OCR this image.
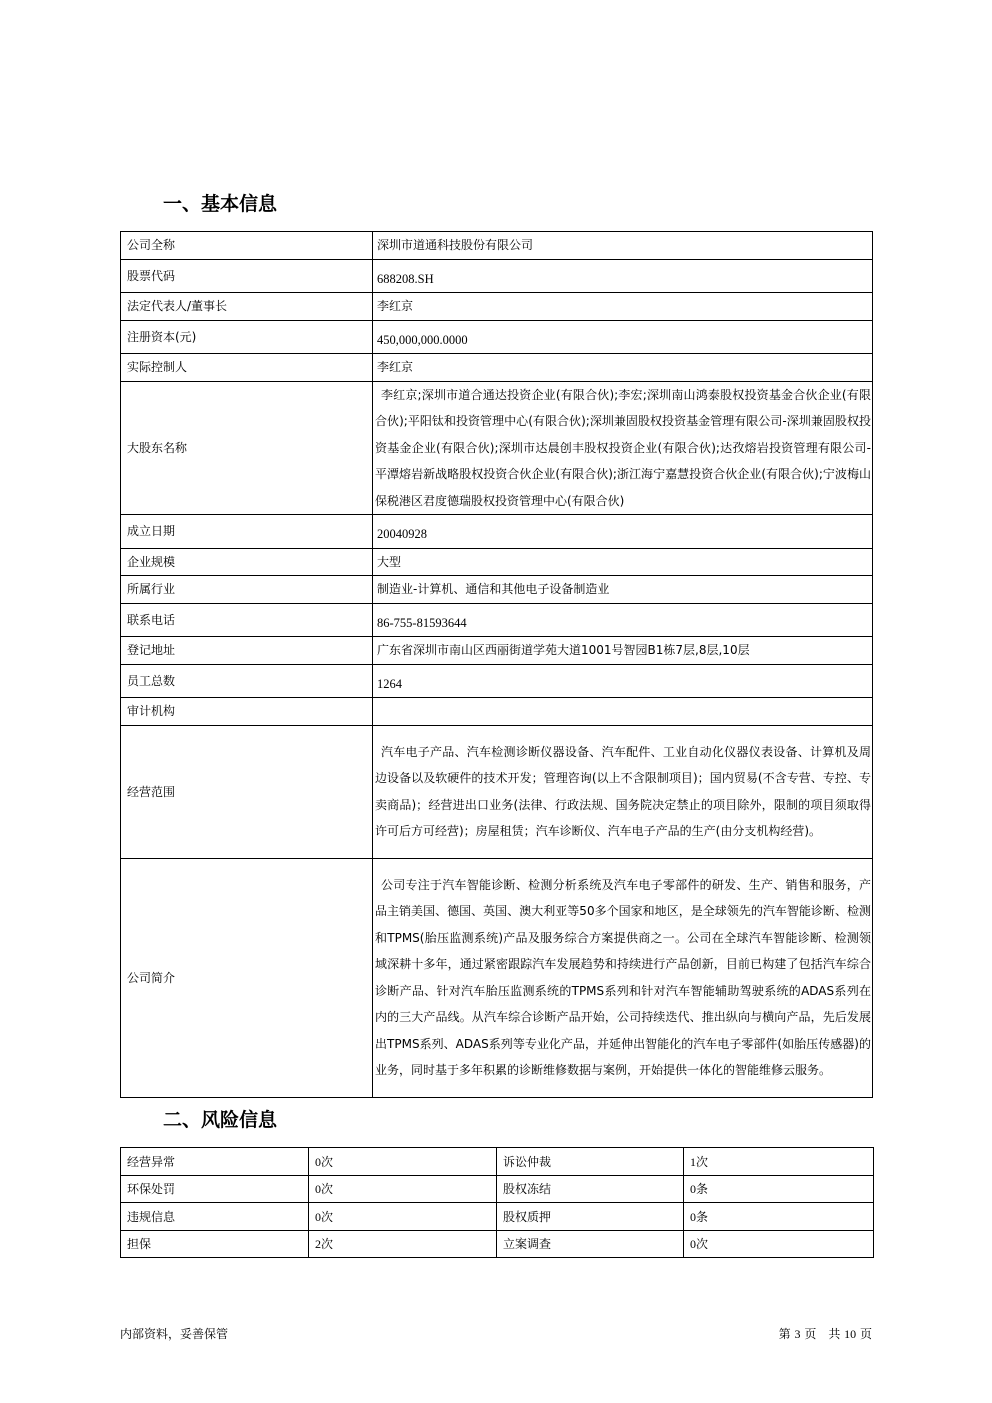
一、基本信息
公司全称	深圳市道通科技股份有限公司
股票代码	688208.SH
法定代表人/董事长	李红京
注册资本(元)	450,000,000.0000
实际控制人	李红京
大股东名称	李红京;深圳市道合通达投资企业(有限合伙);李宏;深圳南山鸿泰股权投资基金合伙企业(有限合伙);平阳钛和投资管理中心(有限合伙);深圳兼固股权投资基金管理有限公司-深圳兼固股权投资基金企业(有限合伙);深圳市达晨创丰股权投资企业(有限合伙);达孜熔岩投资管理有限公司-平潭熔岩新战略股权投资合伙企业(有限合伙);浙江海宁嘉慧投资合伙企业(有限合伙);宁波梅山保税港区君度德瑞股权投资管理中心(有限合伙)
成立日期	20040928
企业规模	大型
所属行业	制造业-计算机、通信和其他电子设备制造业
联系电话	86-755-81593644
登记地址	广东省深圳市南山区西丽街道学苑大道1001号智园B1栋7层,8层,10层
员工总数	1264
审计机构	
经营范围	汽车电子产品、汽车检测诊断仪器设备、汽车配件、工业自动化仪器仪表设备、计算机及周边设备以及软硬件的技术开发；管理咨询(以上不含限制项目)；国内贸易(不含专营、专控、专卖商品)；经营进出口业务(法律、行政法规、国务院决定禁止的项目除外，限制的项目须取得许可后方可经营)；房屋租赁；汽车诊断仪、汽车电子产品的生产(由分支机构经营)。
公司简介	公司专注于汽车智能诊断、检测分析系统及汽车电子零部件的研发、生产、销售和服务，产品主销美国、德国、英国、澳大利亚等50多个国家和地区，是全球领先的汽车智能诊断、检测和TPMS(胎压监测系统)产品及服务综合方案提供商之一。公司在全球汽车智能诊断、检测领域深耕十多年，通过紧密跟踪汽车发展趋势和持续进行产品创新，目前已构建了包括汽车综合诊断产品、针对汽车胎压监测系统的TPMS系列和针对汽车智能辅助驾驶系统的ADAS系列在内的三大产品线。从汽车综合诊断产品开始，公司持续迭代、推出纵向与横向产品，先后发展出TPMS系列、ADAS系列等专业化产品，并延伸出智能化的汽车电子零部件(如胎压传感器)的业务，同时基于多年积累的诊断维修数据与案例，开始提供一体化的智能维修云服务。
二、风险信息
经营异常	0次	诉讼仲裁	1次
环保处罚	0次	股权冻结	0条
违规信息	0次	股权质押	0条
担保	2次	立案调查	0次
内部资料，妥善保管	第 3 页　共 10 页
